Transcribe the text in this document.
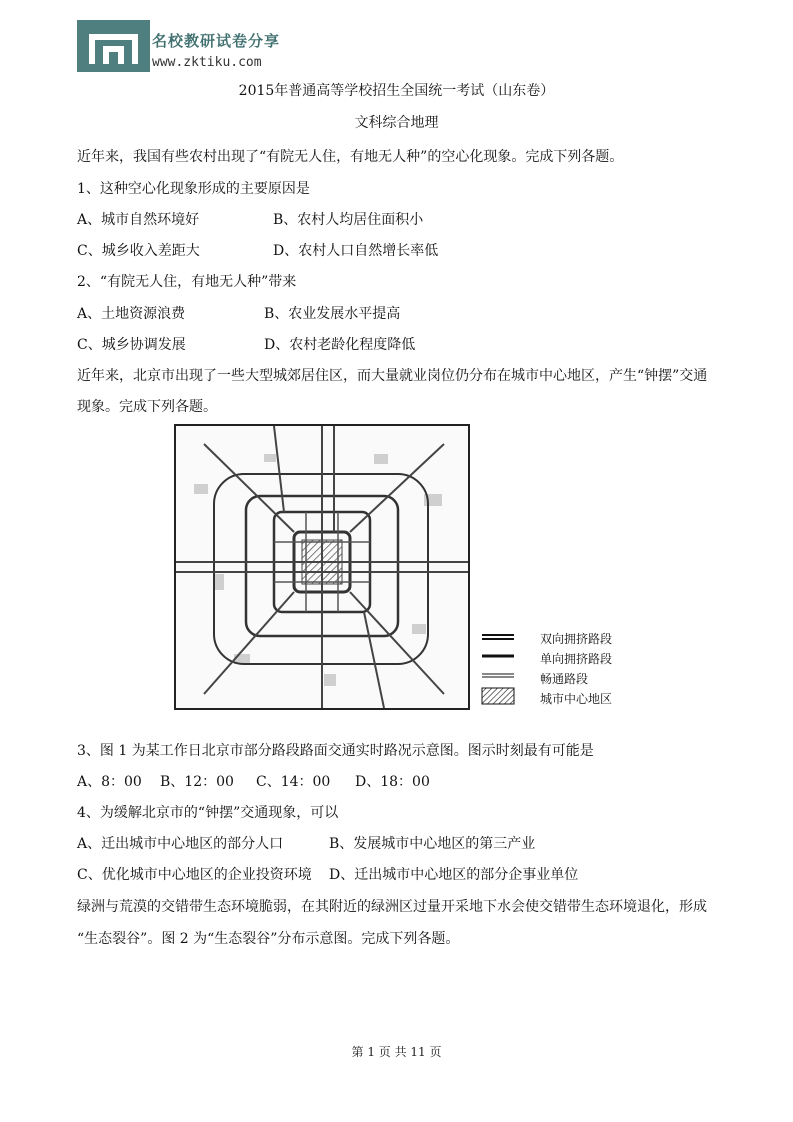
名校教研试卷分享
www.zktiku.com
2015年普通高等学校招生全国统一考试（山东卷）
文科综合地理
近年来，我国有些农村出现了“有院无人住，有地无人种”的空心化现象。完成下列各题。
1、这种空心化现象形成的主要原因是
A、城市自然环境好	B、农村人均居住面积小
C、城乡收入差距大	D、农村人口自然增长率低
2、“有院无人住，有地无人种”带来
A、土地资源浪费	B、农业发展水平提高
C、城乡协调发展	D、农村老龄化程度降低
近年来，北京市出现了一些大型城郊居住区，而大量就业岗位仍分布在城市中心地区，产生“钟摆”交通
现象。完成下列各题。
双向拥挤路段
单向拥挤路段
畅通路段
城市中心地区
3、图 1 为某工作日北京市部分路段路面交通实时路况示意图。图示时刻最有可能是
A、8：00 B、12：00 C、14：00 D、18：00
4、为缓解北京市的“钟摆”交通现象，可以
A、迁出城市中心地区的部分人口	B、发展城市中心地区的第三产业
C、优化城市中心地区的企业投资环境 D、迁出城市中心地区的部分企事业单位
绿洲与荒漠的交错带生态环境脆弱，在其附近的绿洲区过量开采地下水会使交错带生态环境退化，形成
“生态裂谷”。图 2 为“生态裂谷”分布示意图。完成下列各题。
第 1 页 共 11 页
